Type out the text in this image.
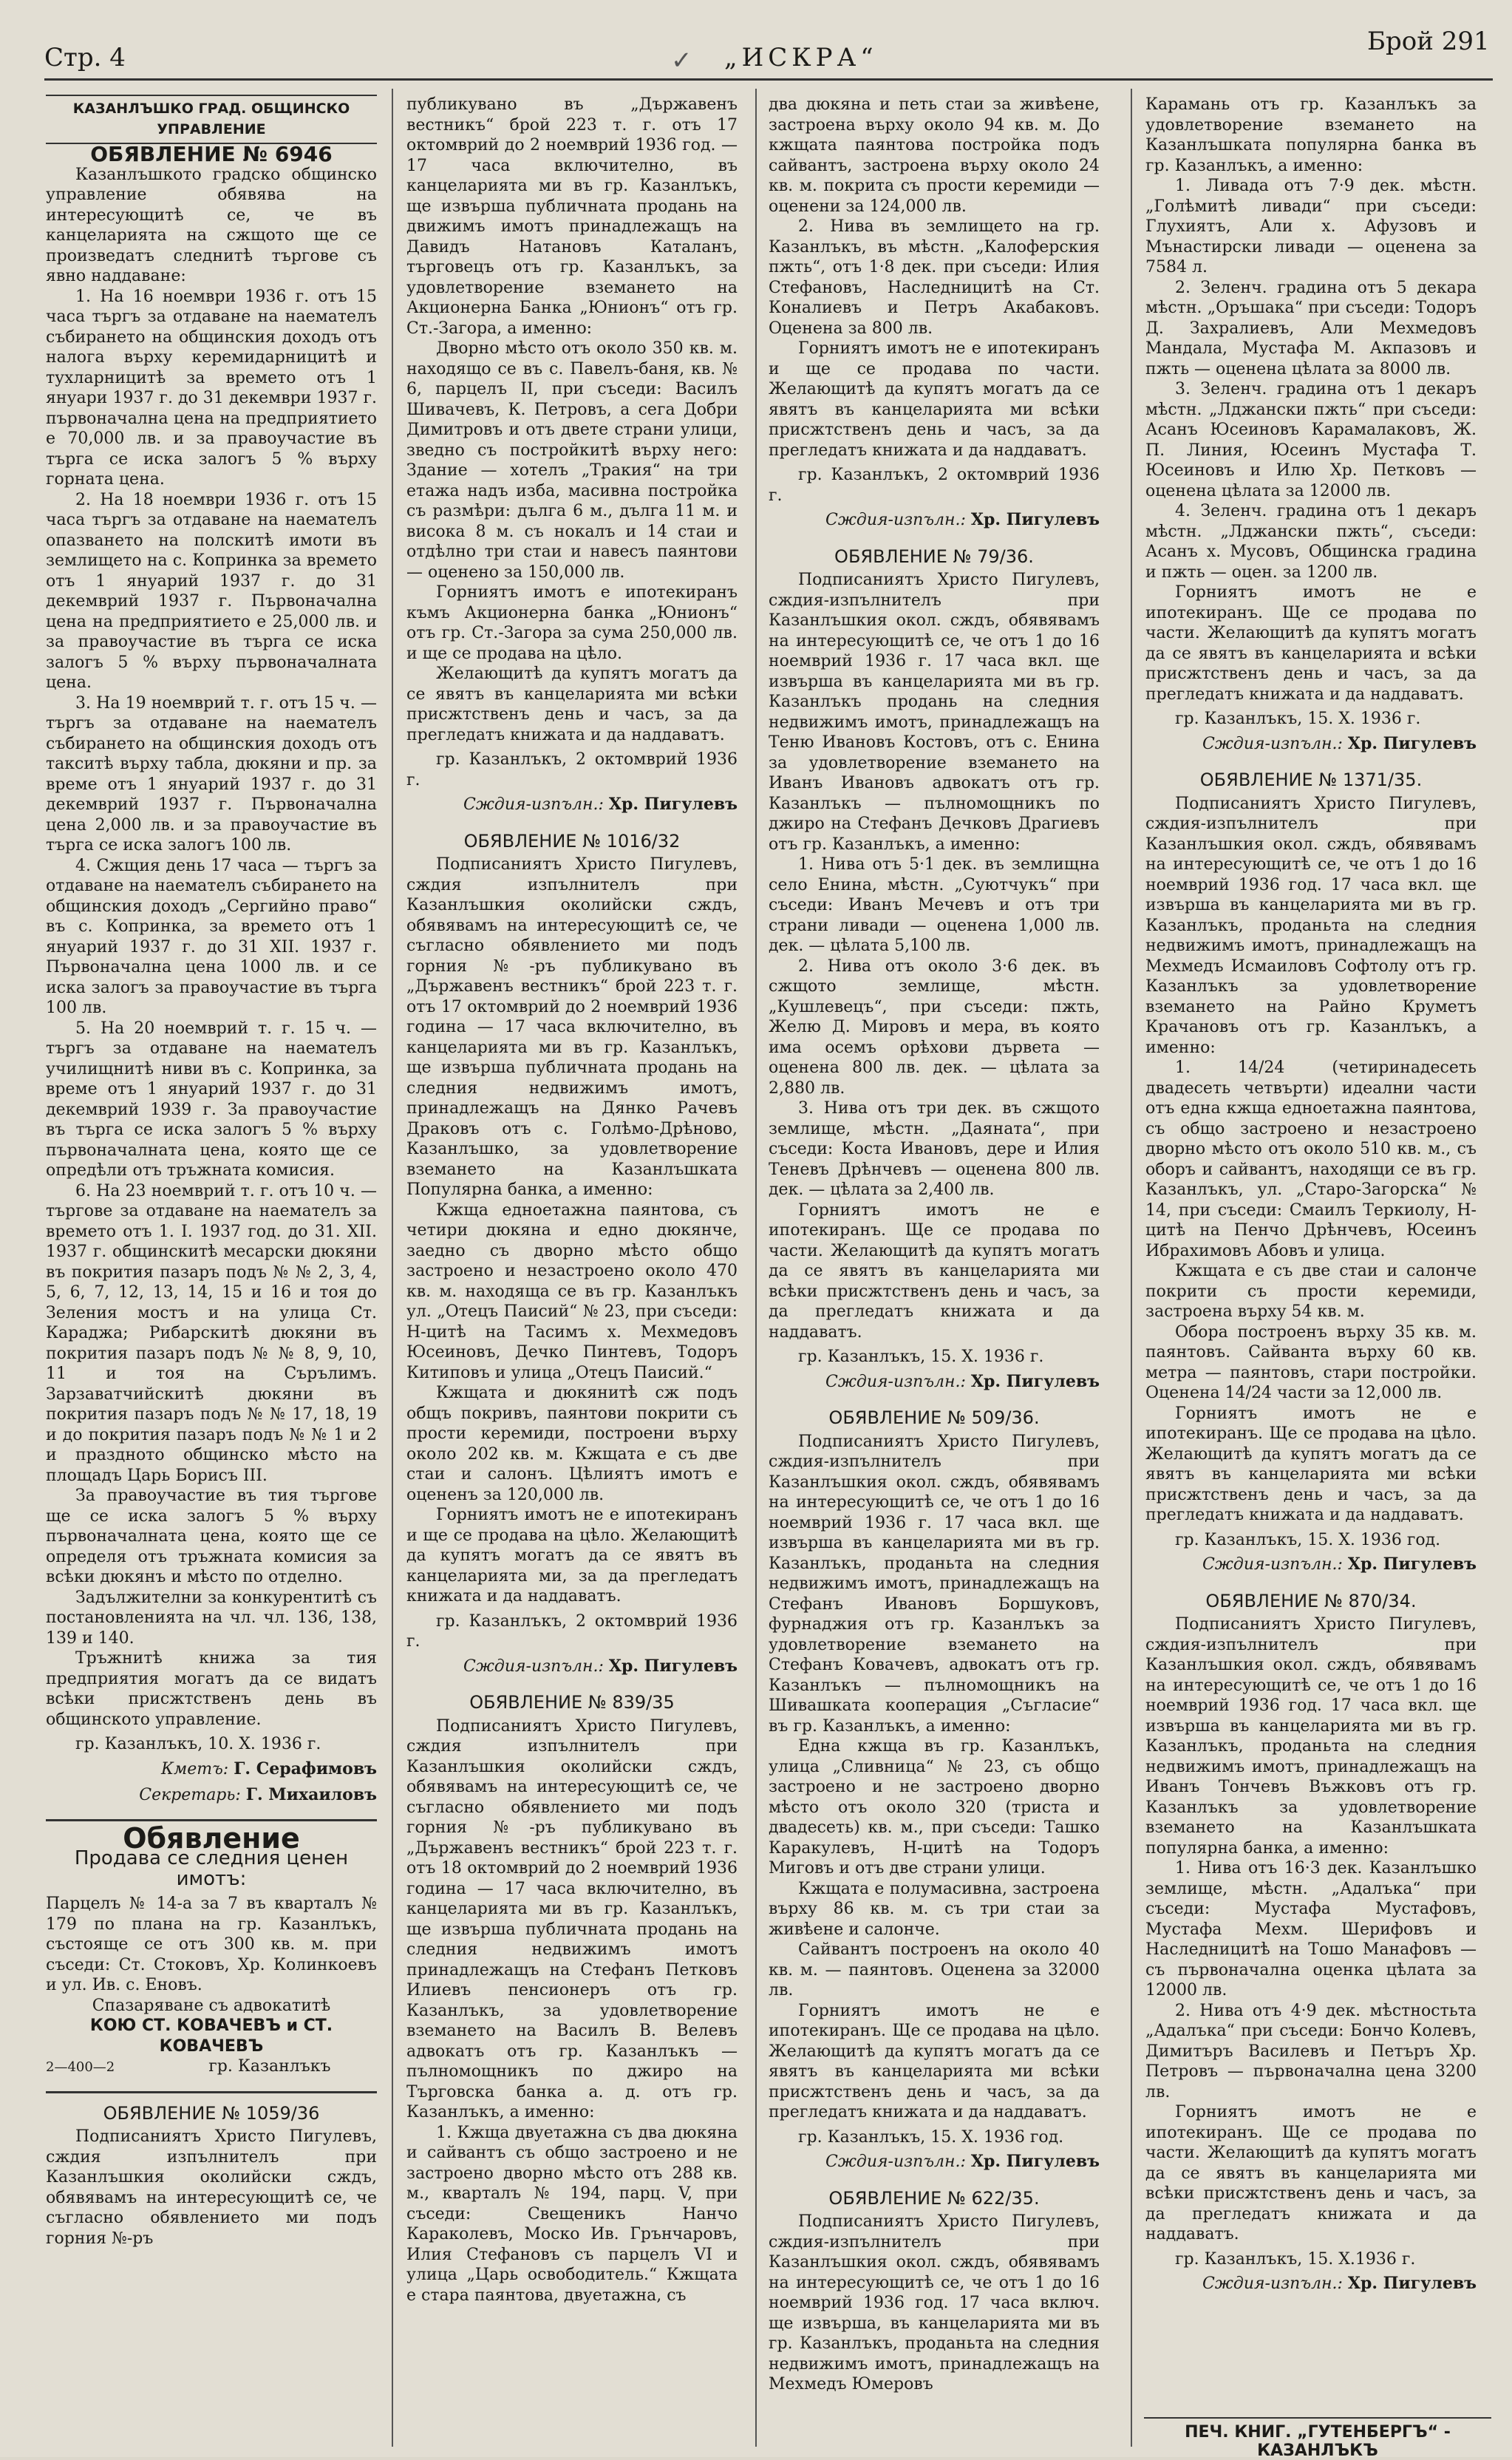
Стр. 4	✓ „ИСКРА“
Брой 291

КАЗАНЛЪШКО ГРАД. ОБЩИНСКО УПРАВЛЕНИЕ

ОБЯВЛЕНИЕ № 6946

Казанлъшкото градско общинско управление обявява на интересующитѣ се, че въ канцеларията на сжщото ще се произведатъ следнитѣ търгове съ явно наддаване:

1. На 16 ноември 1936 г. отъ 15 часа търгъ за отдаване на наемателъ събирането на общинския доходъ отъ налога върху керемидарницитѣ и тухларницитѣ за времето отъ 1 януари 1937 г. до 31 декември 1937 г. първоначална цена на предприятието е 70,000 лв. и за правоучастие въ търга се иска залогъ 5 % върху горната цена.

2. На 18 ноември 1936 г. отъ 15 часа търгъ за отдаване на наемателъ опазването на полскитѣ имоти въ землището на с. Копринка за времето отъ 1 януарий 1937 г. до 31 декемврий 1937 г. Първоначална цена на предприятието е 25,000 лв. и за правоучастие въ търга се иска залогъ 5 % върху първоначалната цена.

3. На 19 ноемврий т. г. отъ 15 ч. — търгъ за отдаване на наемателъ събирането на общинския доходъ отъ такситѣ върху табла, дюкяни и пр. за време отъ 1 януарий 1937 г. до 31 декемврий 1937 г. Първоначална цена 2,000 лв. и за правоучастие въ търга се иска залогъ 100 лв.

4. Сжщия день 17 часа — търгъ за отдаване на наемателъ събирането на общинския доходъ „Сергийно право“ въ с. Копринка, за времето отъ 1 януарий 1937 г. до 31 XII. 1937 г. Първоначална цена 1000 лв. и се иска залогъ за правоучастие въ търга 100 лв.

5. На 20 ноемврий т. г. 15 ч. — търгъ за отдаване на наемателъ училищнитѣ ниви въ с. Копринка, за време отъ 1 януарий 1937 г. до 31 декемврий 1939 г. За правоучастие въ търга се иска залогъ 5 % върху първоначалната цена, която ще се опредѣли отъ тръжната комисия.

6. На 23 ноемврий т. г. отъ 10 ч. — търгове за отдаване на наемателъ за времето отъ 1. I. 1937 год. до 31. XII. 1937 г. общинскитѣ месарски дюкяни въ покрития пазаръ подъ № № 2, 3, 4, 5, 6, 7, 12, 13, 14, 15 и 16 и тоя до Зеления мостъ и на улица Ст. Караджа; Рибарскитѣ дюкяни въ покрития пазаръ подъ № № 8, 9, 10, 11 и тоя на Сърълимъ. Зарзаватчийскитѣ дюкяни въ покрития пазаръ подъ № № 17, 18, 19 и до покрития пазаръ подъ № № 1 и 2 и праздното общинско мѣсто на площадъ Царь Борисъ III.

За правоучастие въ тия търгове ще се иска залогъ 5 % върху първоначалната цена, която ще се определя отъ тръжната комисия за всѣки дюкянъ и мѣсто по отделно.

Задължителни за конкурентитѣ съ постановленията на чл. чл. 136, 138, 139 и 140.

Тръжнитѣ книжа за тия предприятия могатъ да се видатъ всѣки присжтственъ день въ общинското управление.

гр. Казанлъкъ, 10. X. 1936 г.

Кметъ: Г. Серафимовъ

Секретарь: Г. Михаиловъ

Обявление

Продава се следния ценен имотъ:

Парцелъ № 14-а за 7 въ кварталъ № 179 по плана на гр. Казанлъкъ, състоящe се отъ 300 кв. м. при съседи: Ст. Стоковъ, Хр. Колинкоевъ и ул. Ив. с. Еновъ.

Спазаряване съ адвокатитѣ

КОЮ СТ. КОВАЧЕВЪ и СТ. КОВАЧЕВЪ

2—400—2	гр. Казанлъкъ

ОБЯВЛЕНИЕ № 1059/36

Подписаниятъ Христо Пигулевъ, сждия изпълнителъ при Казанлъшкия околийски сждъ, обявявамъ на интересующитѣ се, че съгласно обявлението ми подъ горния №-ръ

публикувано въ „Държавенъ вестникъ“ брой 223 т. г. отъ 17 октомврий до 2 ноемврий 1936 год. — 17 часа включително, въ канцеларията ми въ гр. Казанлъкъ, ще извърша публичната продань на движимъ имотъ принадлежащъ на Давидъ Натановъ Каталанъ, търговецъ отъ гр. Казанлъкъ, за удовлетворение вземането на Акционерна Банка „Юнионъ“ отъ гр. Ст.-Загора, а именно:

Дворно мѣсто отъ около 350 кв. м. находящо се въ с. Павелъ-баня, кв. № 6, парцелъ II, при съседи: Василъ Шивачевъ, К. Петровъ, а сега Добри Димитровъ и отъ двете страни улици, зведно съ постройкитѣ върху него: Здание — хотелъ „Тракия“ на три етажа надъ изба, масивна постройка съ размѣри: дълга 6 м., дълга 11 м. и висока 8 м. съ нокалъ и 14 стаи и отдѣлно три стаи и навесъ паянтови — оценено за 150,000 лв.

Горниятъ имотъ е ипотекиранъ къмъ Акционерна банка „Юнионъ“ отъ гр. Ст.-Загора за сума 250,000 лв. и ще се продава на цѣло.

Желающитѣ да купятъ могатъ да се явятъ въ канцеларията ми всѣки присжтственъ день и часъ, за да прегледатъ книжата и да наддаватъ.

гр. Казанлъкъ, 2 октомврий 1936 г.

Сждия-изпълн.: Хр. Пигулевъ

ОБЯВЛЕНИЕ № 1016/32

Подписаниятъ Христо Пигулевъ, сждия изпълнителъ при Казанлъшкия околийски сждъ, обявявамъ на интересующитѣ се, че съгласно обявлението ми подъ горния №-ръ публикувано въ „Държавенъ вестникъ“ брой 223 т. г. отъ 17 октомврий до 2 ноемврий 1936 година — 17 часа включително, въ канцеларията ми въ гр. Казанлъкъ, ще извърша публичната продань на следния недвижимъ имотъ, принадлежащъ на Дянко Рачевъ Драковъ отъ с. Голѣмо-Дрѣново, Казанлъшко, за удовлетворение вземането на Казанлъшката Популярна банка, а именно:

Кжща едноетажна паянтова, съ четири дюкяна и едно дюкянче, заедно съ дворно мѣсто общо застроено и незастроено около 470 кв. м. находяща се въ гр. Казанлъкъ ул. „Отецъ Паисий“ № 23, при съседи: Н-цитѣ на Тасимъ х. Мехмедовъ Юсеиновъ, Дечко Пинтевъ, Тодоръ Китиповъ и улица „Отецъ Паисий.“

Кжщата и дюкянитѣ сж подъ общъ покривъ, паянтови покрити съ прости керемиди, построени върху около 202 кв. м. Кжщата е съ две стаи и салонъ. Цѣлиятъ имотъ е оцененъ за 120,000 лв.

Горниятъ имотъ не е ипотекиранъ и ще се продава на цѣло. Желающитѣ да купятъ могатъ да се явятъ въ канцеларията ми, за да прегледатъ книжата и да наддаватъ.

гр. Казанлъкъ, 2 октомврий 1936 г.

Сждия-изпълн.: Хр. Пигулевъ

ОБЯВЛЕНИЕ № 839/35

Подписаниятъ Христо Пигулевъ, сждия изпълнителъ при Казанлъшкия околийски сждъ, обявявамъ на интересующитѣ се, че съгласно обявлението ми подъ горния №-ръ публикувано въ „Държавенъ вестникъ“ брой 223 т. г. отъ 18 октомврий до 2 ноемврий 1936 година — 17 часа включително, въ канцеларията ми въ гр. Казанлъкъ, ще извърша публичната продань на следния недвижимъ имотъ принадлежащъ на Стефанъ Петковъ Илиевъ пенсионеръ отъ гр. Казанлъкъ, за удовлетворение вземането на Василъ В. Велевъ адвокатъ отъ гр. Казанлъкъ — пълномощникъ по джиро на Търговска банка а. д. отъ гр. Казанлъкъ, а именно:

1. Кжща двуетажна съ два дюкяна и сайвантъ съ общо застроено и не застроено дворно мѣсто отъ 288 кв. м., кварталъ № 194, парц. V, при съседи: Свещеникъ Нанчо Караколевъ, Моско Ив. Грънчаровъ, Илия Стефановъ съ парцелъ VI и улица „Царь освободитель.“ Кжщата е стара паянтова, двуетажна, съ

два дюкяна и петь стаи за живѣене, застроена върху около 94 кв. м. До кжщата паянтова постройка подъ сайвантъ, застроена върху около 24 кв. м. покрита съ прости керемиди — оценени за 124,000 лв.

2. Нива въ землището на гр. Казанлъкъ, въ мѣстн. „Калоферския пжть“, отъ 1·8 дек. при съседи: Илия Стефановъ, Наследницитѣ на Ст. Коналиевъ и Петръ Акабаковъ. Оценена за 800 лв.

Горниятъ имотъ не е ипотекиранъ и ще се продава по части. Желающитѣ да купятъ могатъ да се явятъ въ канцеларията ми всѣки присжтственъ день и часъ, за да прегледатъ книжата и да наддаватъ.

гр. Казанлъкъ, 2 октомврий 1936 г.

Сждия-изпълн.: Хр. Пигулевъ

ОБЯВЛЕНИЕ № 79/36.

Подписаниятъ Христо Пигулевъ, сждия-изпълнителъ при Казанлъшкия окол. сждъ, обявявамъ на интересующитѣ се, че отъ 1 до 16 ноемврий 1936 г. 17 часа вкл. ще извърша въ канцеларията ми въ гр. Казанлъкъ продань на следния недвижимъ имотъ, принадлежащъ на Теню Ивановъ Костовъ, отъ с. Енина за удовлетворение вземането на Иванъ Ивановъ адвокатъ отъ гр. Казанлъкъ — пълномощникъ по джиро на Стефанъ Дечковъ Драгиевъ отъ гр. Казанлъкъ, а именно:

1. Нива отъ 5·1 дек. въ землищна село Енина, мѣстн. „Суютчукъ“ при съседи: Иванъ Мечевъ и отъ три страни ливади — оценена 1,000 лв. дек. — цѣлата 5,100 лв.

2. Нива отъ около 3·6 дек. въ сжщото землище, мѣстн. „Кушлевецъ“, при съседи: пжть, Желю Д. Мировъ и мера, въ която има осемъ орѣхови дървета — оценена 800 лв. дек. — цѣлата за 2,880 лв.

3. Нива отъ три дек. въ сжщото землище, мѣстн. „Даяната“, при съседи: Коста Ивановъ, дере и Илия Теневъ Дрѣнчевъ — оценена 800 лв. дек. — цѣлата за 2,400 лв.

Горниятъ имотъ не е ипотекиранъ. Ще се продава по части. Желающитѣ да купятъ могатъ да се явятъ въ канцеларията ми всѣки присжтственъ день и часъ, за да прегледатъ книжата и да наддаватъ.

гр. Казанлъкъ, 15. X. 1936 г.

Сждия-изпълн.: Хр. Пигулевъ

ОБЯВЛЕНИЕ № 509/36.

Подписаниятъ Христо Пигулевъ, сждия-изпълнителъ при Казанлъшкия окол. сждъ, обявявамъ на интересующитѣ се, че отъ 1 до 16 ноемврий 1936 г. 17 часа вкл. ще извърша въ канцеларията ми въ гр. Казанлъкъ, проданьта на следния недвижимъ имотъ, принадлежащъ на Стефанъ Ивановъ Боршуковъ, фурнаджия отъ гр. Казанлъкъ за удовлетворение вземането на Стефанъ Ковачевъ, адвокатъ отъ гр. Казанлъкъ — пълномощникъ на Шивашката кооперация „Съгласие“ въ гр. Казанлъкъ, а именно:

Една кжща въ гр. Казанлъкъ, улица „Сливница“ № 23, съ общо застроено и не застроено дворно мѣсто отъ около 320 (триста и двадесеть) кв. м., при съседи: Ташко Каракулевъ, Н-цитѣ на Тодоръ Миговъ и отъ две страни улици.

Кжщата е полумасивна, застроена върху 86 кв. м. съ три стаи за живѣене и салонче.

Сайвантъ построенъ на около 40 кв. м. — паянтовъ. Оценена за 32000 лв.

Горниятъ имотъ не е ипотекиранъ. Ще се продава на цѣло. Желающитѣ да купятъ могатъ да се явятъ въ канцеларията ми всѣки присжтственъ день и часъ, за да прегледатъ книжата и да наддаватъ.

гр. Казанлъкъ, 15. X. 1936 год.

Сждия-изпълн.: Хр. Пигулевъ

ОБЯВЛЕНИЕ № 622/35.

Подписаниятъ Христо Пигулевъ, сждия-изпълнителъ при Казанлъшкия окол. сждъ, обявявамъ на интересующитѣ се, че отъ 1 до 16 ноемврий 1936 год. 17 часа включ. ще извърша, въ канцеларията ми въ гр. Казанлъкъ, проданьта на следния недвижимъ имотъ, принадлежащъ на Мехмедъ Юмеровъ

Карамань отъ гр. Казанлъкъ за удовлетворение вземането на Казанлъшката популярна банка въ гр. Казанлъкъ, а именно:

1. Ливада отъ 7·9 дек. мѣстн. „Голѣмитѣ ливади“ при съседи: Глухиятъ, Али х. Афузовъ и Мънастирски ливади — оценена за 7584 л.

2. Зеленч. градина отъ 5 декара мѣстн. „Оръшака“ при съседи: Тодоръ Д. Захралиевъ, Али Мехмедовъ Мандала, Мустафа М. Акпазовъ и пжть — оценена цѣлата за 8000 лв.

3. Зеленч. градина отъ 1 декаръ мѣстн. „Лджански пжть“ при съседи: Асанъ Юсеиновъ Карамалаковъ, Ж. П. Линия, Юсеинъ Мустафа Т. Юсеиновъ и Илю Хр. Петковъ — оценена цѣлата за 12000 лв.

4. Зеленч. градина отъ 1 декаръ мѣстн. „Лджански пжть“, съседи: Асанъ х. Мусовъ, Общинска градина и пжть — оцен. за 1200 лв.

Горниятъ имотъ не е ипотекиранъ. Ще се продава по части. Желающитѣ да купятъ могатъ да се явятъ въ канцеларията и всѣки присжтственъ день и часъ, за да прегледатъ книжата и да наддаватъ.

гр. Казанлъкъ, 15. X. 1936 г.

Сждия-изпълн.: Хр. Пигулевъ

ОБЯВЛЕНИЕ № 1371/35.

Подписаниятъ Христо Пигулевъ, сждия-изпълнителъ при Казанлъшкия окол. сждъ, обявявамъ на интересующитѣ се, че отъ 1 до 16 ноемврий 1936 год. 17 часа вкл. ще извърша въ канцеларията ми въ гр. Казанлъкъ, проданьта на следния недвижимъ имотъ, принадлежащъ на Мехмедъ Исмаиловъ Софтолу отъ гр. Казанлъкъ за удовлетворение вземането на Райно Круметъ Крачановъ отъ гр. Казанлъкъ, а именно:

1. 14/24 (четиринадесеть двадесеть четвърти) идеални части отъ една кжща едноетажна паянтова, съ общо застроено и незастроено дворно мѣсто отъ около 510 кв. м., съ оборъ и сайвантъ, находящи се въ гр. Казанлъкъ, ул. „Старо-Загорска“ № 14, при съседи: Смаилъ Теркиолу, Н-цитѣ на Пенчо Дрѣнчевъ, Юсеинъ Ибрахимовъ Абовъ и улица.

Кжщата е съ две стаи и салонче покрити съ прости керемиди, застроена върху 54 кв. м.

Обора построенъ върху 35 кв. м. паянтовъ. Сайванта върху 60 кв. метра — паянтовъ, стари постройки. Оценена 14/24 части за 12,000 лв.

Горниятъ имотъ не е ипотекиранъ. Ще се продава на цѣло. Желающитѣ да купятъ могатъ да се явятъ въ канцеларията ми всѣки присжтственъ день и часъ, за да прегледатъ книжата и да наддаватъ.

гр. Казанлъкъ, 15. X. 1936 год.

Сждия-изпълн.: Хр. Пигулевъ

ОБЯВЛЕНИЕ № 870/34.

Подписаниятъ Христо Пигулевъ, сждия-изпълнителъ при Казанлъшкия окол. сждъ, обявявамъ на интересующитѣ се, че отъ 1 до 16 ноемврий 1936 год. 17 часа вкл. ще извърша въ канцеларията ми въ гр. Казанлъкъ, проданьта на следния недвижимъ имотъ, принадлежащъ на Иванъ Тончевъ Въжковъ отъ гр. Казанлъкъ за удовлетворение вземането на Казанлъшката популярна банка, а именно:

1. Нива отъ 16·3 дек. Казанлъшко землище, мѣстн. „Адалъка“ при съседи: Мустафа Мустафовъ, Мустафа Мехм. Шерифовъ и Наследницитѣ на Тошо Манафовъ — съ първоначална оценка цѣлата за 12000 лв.

2. Нива отъ 4·9 дек. мѣстностьта „Адалъка“ при съседи: Бончо Колевъ, Димитъръ Василевъ и Петъръ Хр. Петровъ — първоначална цена 3200 лв.

Горниятъ имотъ не е ипотекиранъ. Ще се продава по части. Желающитѣ да купятъ могатъ да се явятъ въ канцеларията ми всѣки присжтственъ день и часъ, за да прегледатъ книжата и да наддаватъ.

гр. Казанлъкъ, 15. X.1936 г.

Сждия-изпълн.: Хр. Пигулевъ

ПЕЧ. КНИГ. „ГУТЕНБЕРГЪ“ - КАЗАНЛЪКЪ
